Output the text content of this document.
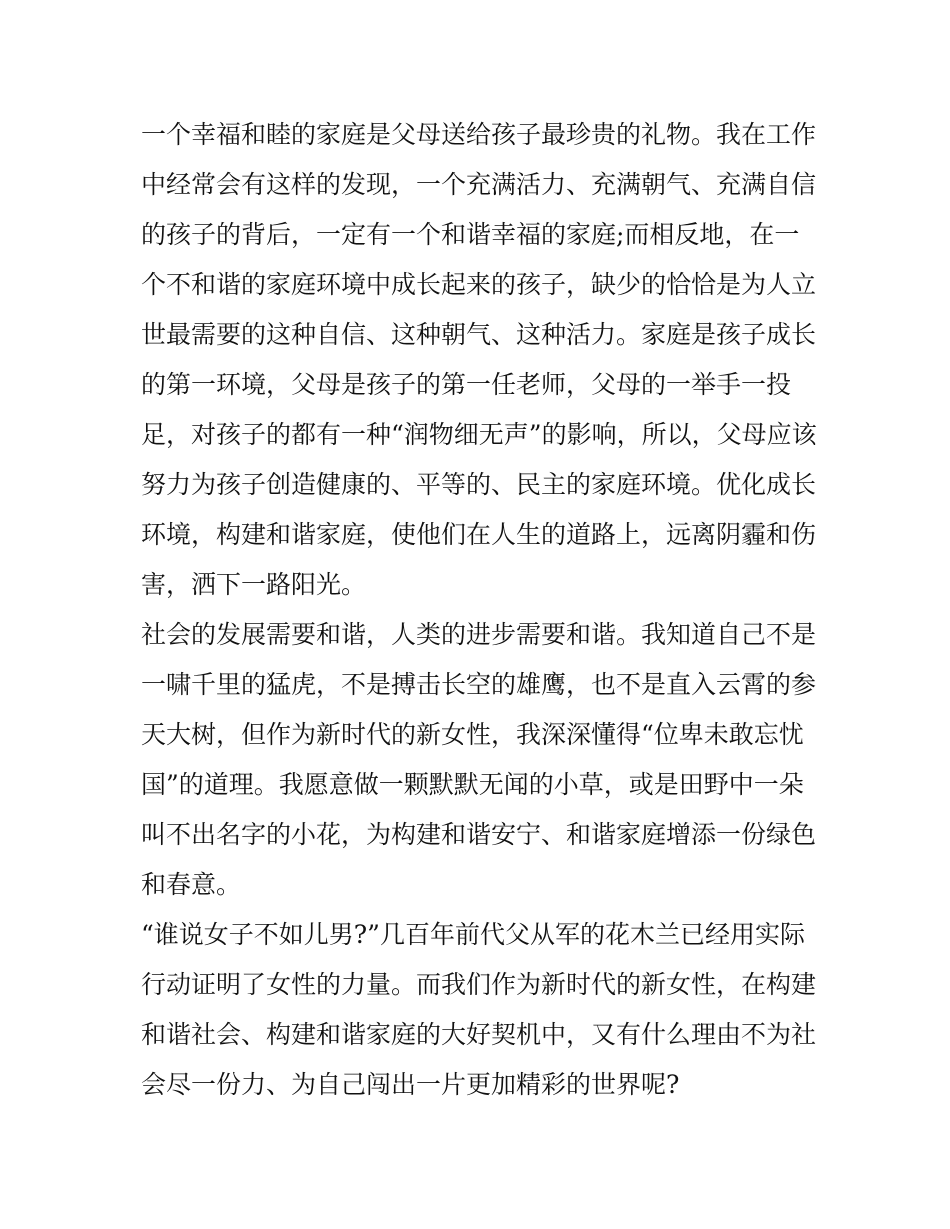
一个幸福和睦的家庭是父母送给孩子最珍贵的礼物。我在工作
中经常会有这样的发现，一个充满活力、充满朝气、充满自信
的孩子的背后，一定有一个和谐幸福的家庭;而相反地，在一
个不和谐的家庭环境中成长起来的孩子，缺少的恰恰是为人立
世最需要的这种自信、这种朝气、这种活力。家庭是孩子成长
的第一环境，父母是孩子的第一任老师，父母的一举手一投
足，对孩子的都有一种“润物细无声”的影响，所以，父母应该
努力为孩子创造健康的、平等的、民主的家庭环境。优化成长
环境，构建和谐家庭，使他们在人生的道路上，远离阴霾和伤
害，洒下一路阳光。
社会的发展需要和谐，人类的进步需要和谐。我知道自己不是
一啸千里的猛虎，不是搏击长空的雄鹰，也不是直入云霄的参
天大树，但作为新时代的新女性，我深深懂得“位卑未敢忘忧
国”的道理。我愿意做一颗默默无闻的小草，或是田野中一朵
叫不出名字的小花，为构建和谐安宁、和谐家庭增添一份绿色
和春意。
“谁说女子不如儿男?”几百年前代父从军的花木兰已经用实际
行动证明了女性的力量。而我们作为新时代的新女性，在构建
和谐社会、构建和谐家庭的大好契机中，又有什么理由不为社
会尽一份力、为自己闯出一片更加精彩的世界呢?
